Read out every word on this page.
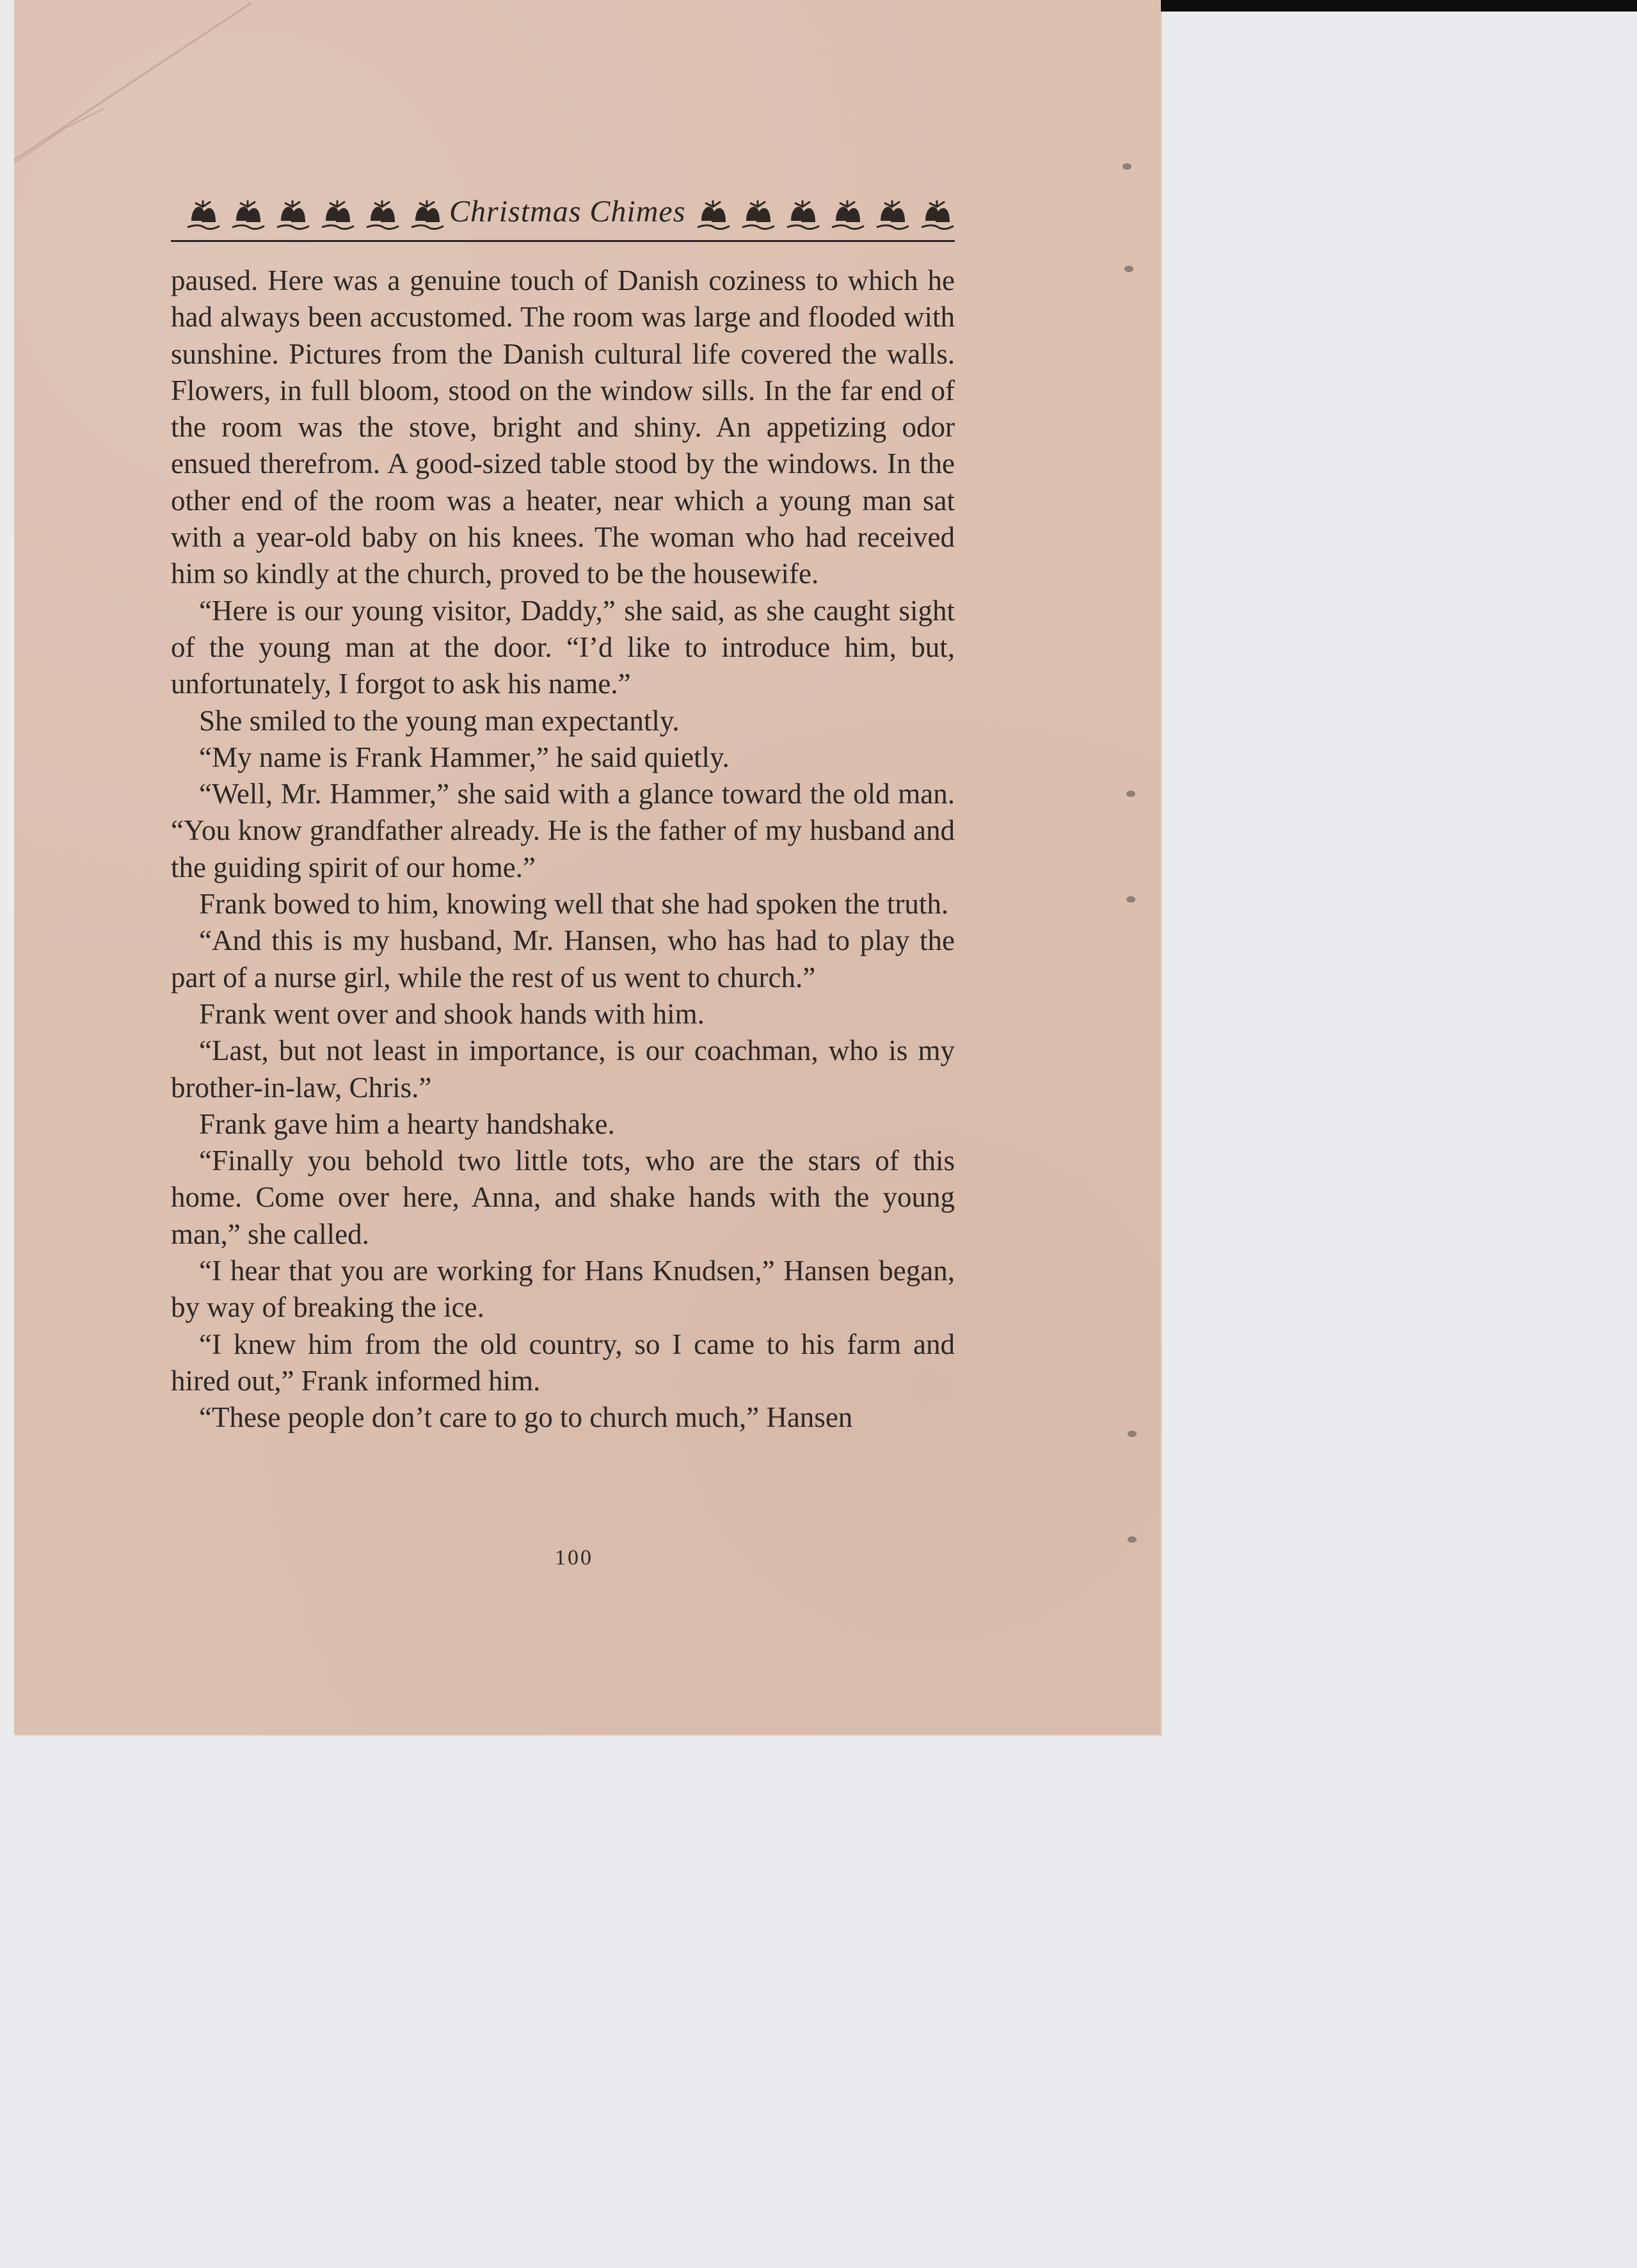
Christmas Chimes

paused. Here was a genuine touch of Danish coziness to which he had always been accustomed. The room was large and flooded with sunshine. Pictures from the Danish cultural life covered the walls. Flowers, in full bloom, stood on the window sills. In the far end of the room was the stove, bright and shiny. An appetizing odor ensued therefrom. A good-sized table stood by the windows. In the other end of the room was a heater, near which a young man sat with a year-old baby on his knees. The woman who had received him so kindly at the church, proved to be the housewife.

“Here is our young visitor, Daddy,” she said, as she caught sight of the young man at the door. “I’d like to introduce him, but, unfortunately, I forgot to ask his name.”

She smiled to the young man expectantly.

“My name is Frank Hammer,” he said quietly.

“Well, Mr. Hammer,” she said with a glance toward the old man. “You know grandfather already. He is the father of my husband and the guiding spirit of our home.”

Frank bowed to him, knowing well that she had spoken the truth.

“And this is my husband, Mr. Hansen, who has had to play the part of a nurse girl, while the rest of us went to church.”

Frank went over and shook hands with him.

“Last, but not least in importance, is our coachman, who is my brother-in-law, Chris.”

Frank gave him a hearty handshake.

“Finally you behold two little tots, who are the stars of this home. Come over here, Anna, and shake hands with the young man,” she called.

“I hear that you are working for Hans Knudsen,” Hansen began, by way of breaking the ice.

“I knew him from the old country, so I came to his farm and hired out,” Frank informed him.

“These people don’t care to go to church much,” Hansen

100
